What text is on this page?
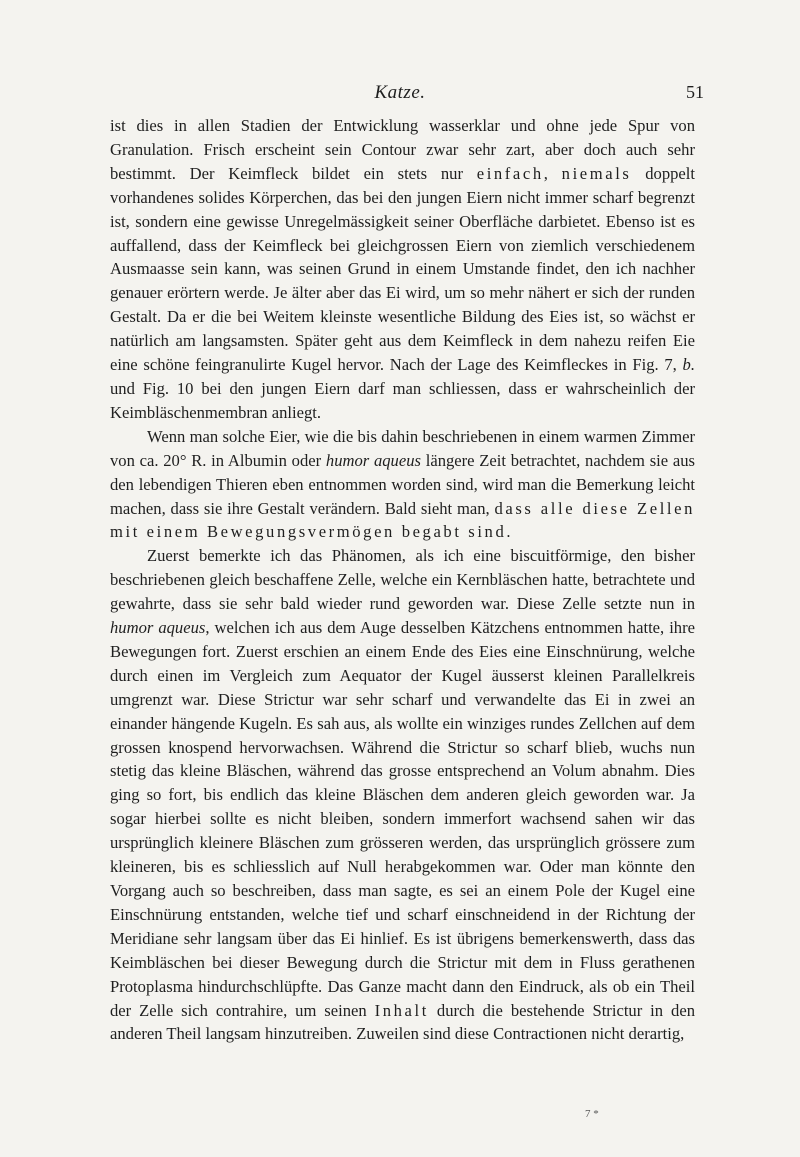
Katze.	51

ist dies in allen Stadien der Entwicklung wasserklar und ohne jede Spur von Granulation. Frisch erscheint sein Contour zwar sehr zart, aber doch auch sehr bestimmt. Der Keimfleck bildet ein stets nur einfach, niemals doppelt vorhandenes solides Körperchen, das bei den jungen Eiern nicht immer scharf begrenzt ist, sondern eine gewisse Unregelmässigkeit seiner Oberfläche darbietet. Ebenso ist es auffallend, dass der Keimfleck bei gleichgrossen Eiern von ziemlich verschiedenem Ausmaasse sein kann, was seinen Grund in einem Umstande findet, den ich nachher genauer erörtern werde. Je älter aber das Ei wird, um so mehr nähert er sich der runden Gestalt. Da er die bei Weitem kleinste wesentliche Bildung des Eies ist, so wächst er natürlich am langsamsten. Später geht aus dem Keimfleck in dem nahezu reifen Eie eine schöne feingranulirte Kugel hervor. Nach der Lage des Keimfleckes in Fig. 7, b. und Fig. 10 bei den jungen Eiern darf man schliessen, dass er wahrscheinlich der Keimbläschenmembran anliegt.

Wenn man solche Eier, wie die bis dahin beschriebenen in einem warmen Zimmer von ca. 20° R. in Albumin oder humor aqueus längere Zeit betrachtet, nachdem sie aus den lebendigen Thieren eben entnommen worden sind, wird man die Bemerkung leicht machen, dass sie ihre Gestalt verändern. Bald sieht man, dass alle diese Zellen mit einem Bewegungsvermögen begabt sind.

Zuerst bemerkte ich das Phänomen, als ich eine biscuitförmige, den bisher beschriebenen gleich beschaffene Zelle, welche ein Kernbläschen hatte, betrachtete und gewahrte, dass sie sehr bald wieder rund geworden war. Diese Zelle setzte nun in humor aqueus, welchen ich aus dem Auge desselben Kätzchens entnommen hatte, ihre Bewegungen fort. Zuerst erschien an einem Ende des Eies eine Einschnürung, welche durch einen im Vergleich zum Aequator der Kugel äusserst kleinen Parallelkreis umgrenzt war. Diese Strictur war sehr scharf und verwandelte das Ei in zwei an einander hängende Kugeln. Es sah aus, als wollte ein winziges rundes Zellchen auf dem grossen knospend hervorwachsen. Während die Strictur so scharf blieb, wuchs nun stetig das kleine Bläschen, während das grosse entsprechend an Volum abnahm. Dies ging so fort, bis endlich das kleine Bläschen dem anderen gleich geworden war. Ja sogar hierbei sollte es nicht bleiben, sondern immerfort wachsend sahen wir das ursprünglich kleinere Bläschen zum grösseren werden, das ursprünglich grössere zum kleineren, bis es schliesslich auf Null herabgekommen war. Oder man könnte den Vorgang auch so beschreiben, dass man sagte, es sei an einem Pole der Kugel eine Einschnürung entstanden, welche tief und scharf einschneidend in der Richtung der Meridiane sehr langsam über das Ei hinlief. Es ist übrigens bemerkenswerth, dass das Keimbläschen bei dieser Bewegung durch die Strictur mit dem in Fluss gerathenen Protoplasma hindurchschlüpfte. Das Ganze macht dann den Eindruck, als ob ein Theil der Zelle sich contrahire, um seinen Inhalt durch die bestehende Strictur in den anderen Theil langsam hinzutreiben. Zuweilen sind diese Contractionen nicht derartig,

7 *
